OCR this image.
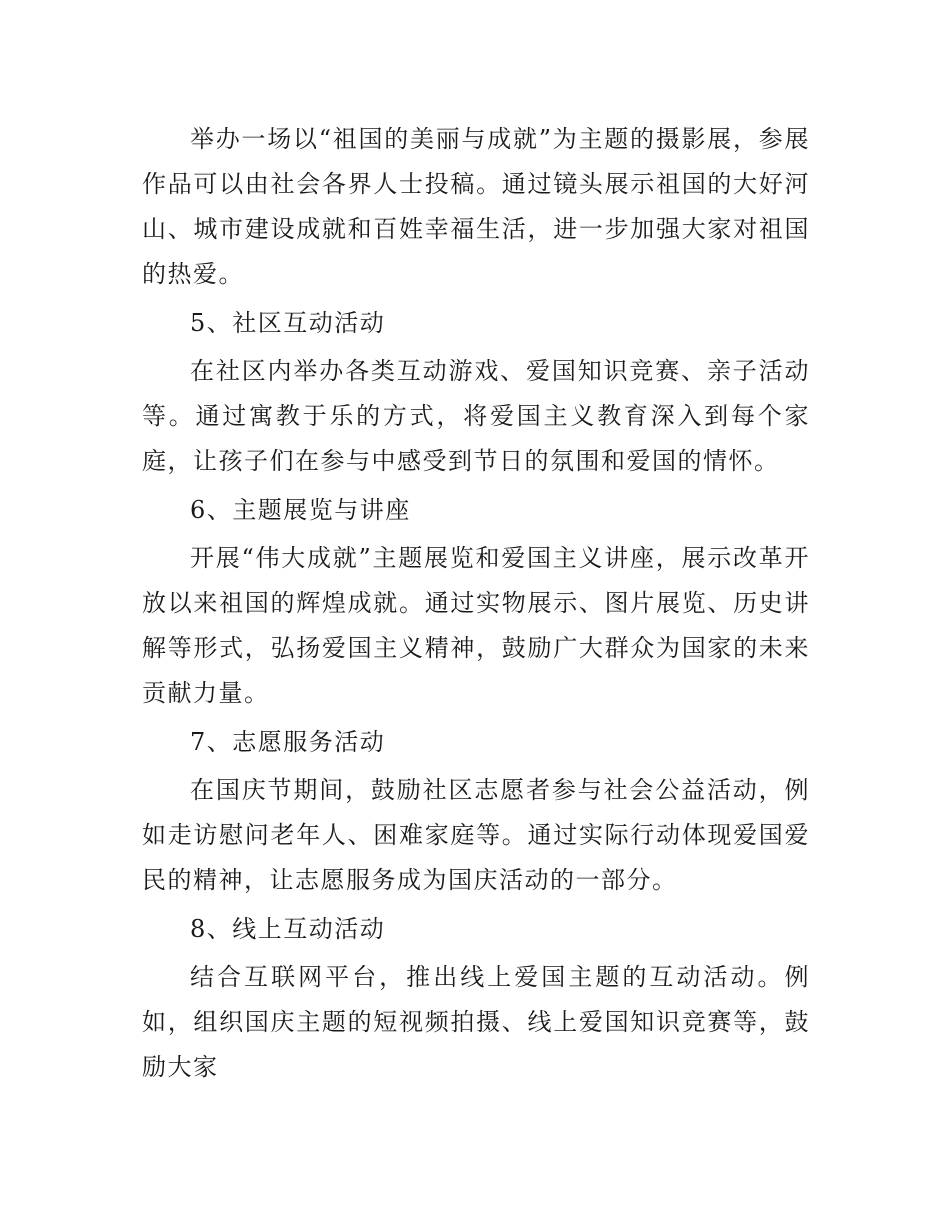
举办一场以“祖国的美丽与成就”为主题的摄影展，参展作品可以由社会各界人士投稿。通过镜头展示祖国的大好河山、城市建设成就和百姓幸福生活，进一步加强大家对祖国的热爱。

5、社区互动活动

在社区内举办各类互动游戏、爱国知识竞赛、亲子活动等。通过寓教于乐的方式，将爱国主义教育深入到每个家庭，让孩子们在参与中感受到节日的氛围和爱国的情怀。

6、主题展览与讲座

开展“伟大成就”主题展览和爱国主义讲座，展示改革开放以来祖国的辉煌成就。通过实物展示、图片展览、历史讲解等形式，弘扬爱国主义精神，鼓励广大群众为国家的未来贡献力量。

7、志愿服务活动

在国庆节期间，鼓励社区志愿者参与社会公益活动，例如走访慰问老年人、困难家庭等。通过实际行动体现爱国爱民的精神，让志愿服务成为国庆活动的一部分。

8、线上互动活动

结合互联网平台，推出线上爱国主题的互动活动。例如，组织国庆主题的短视频拍摄、线上爱国知识竞赛等，鼓励大家
